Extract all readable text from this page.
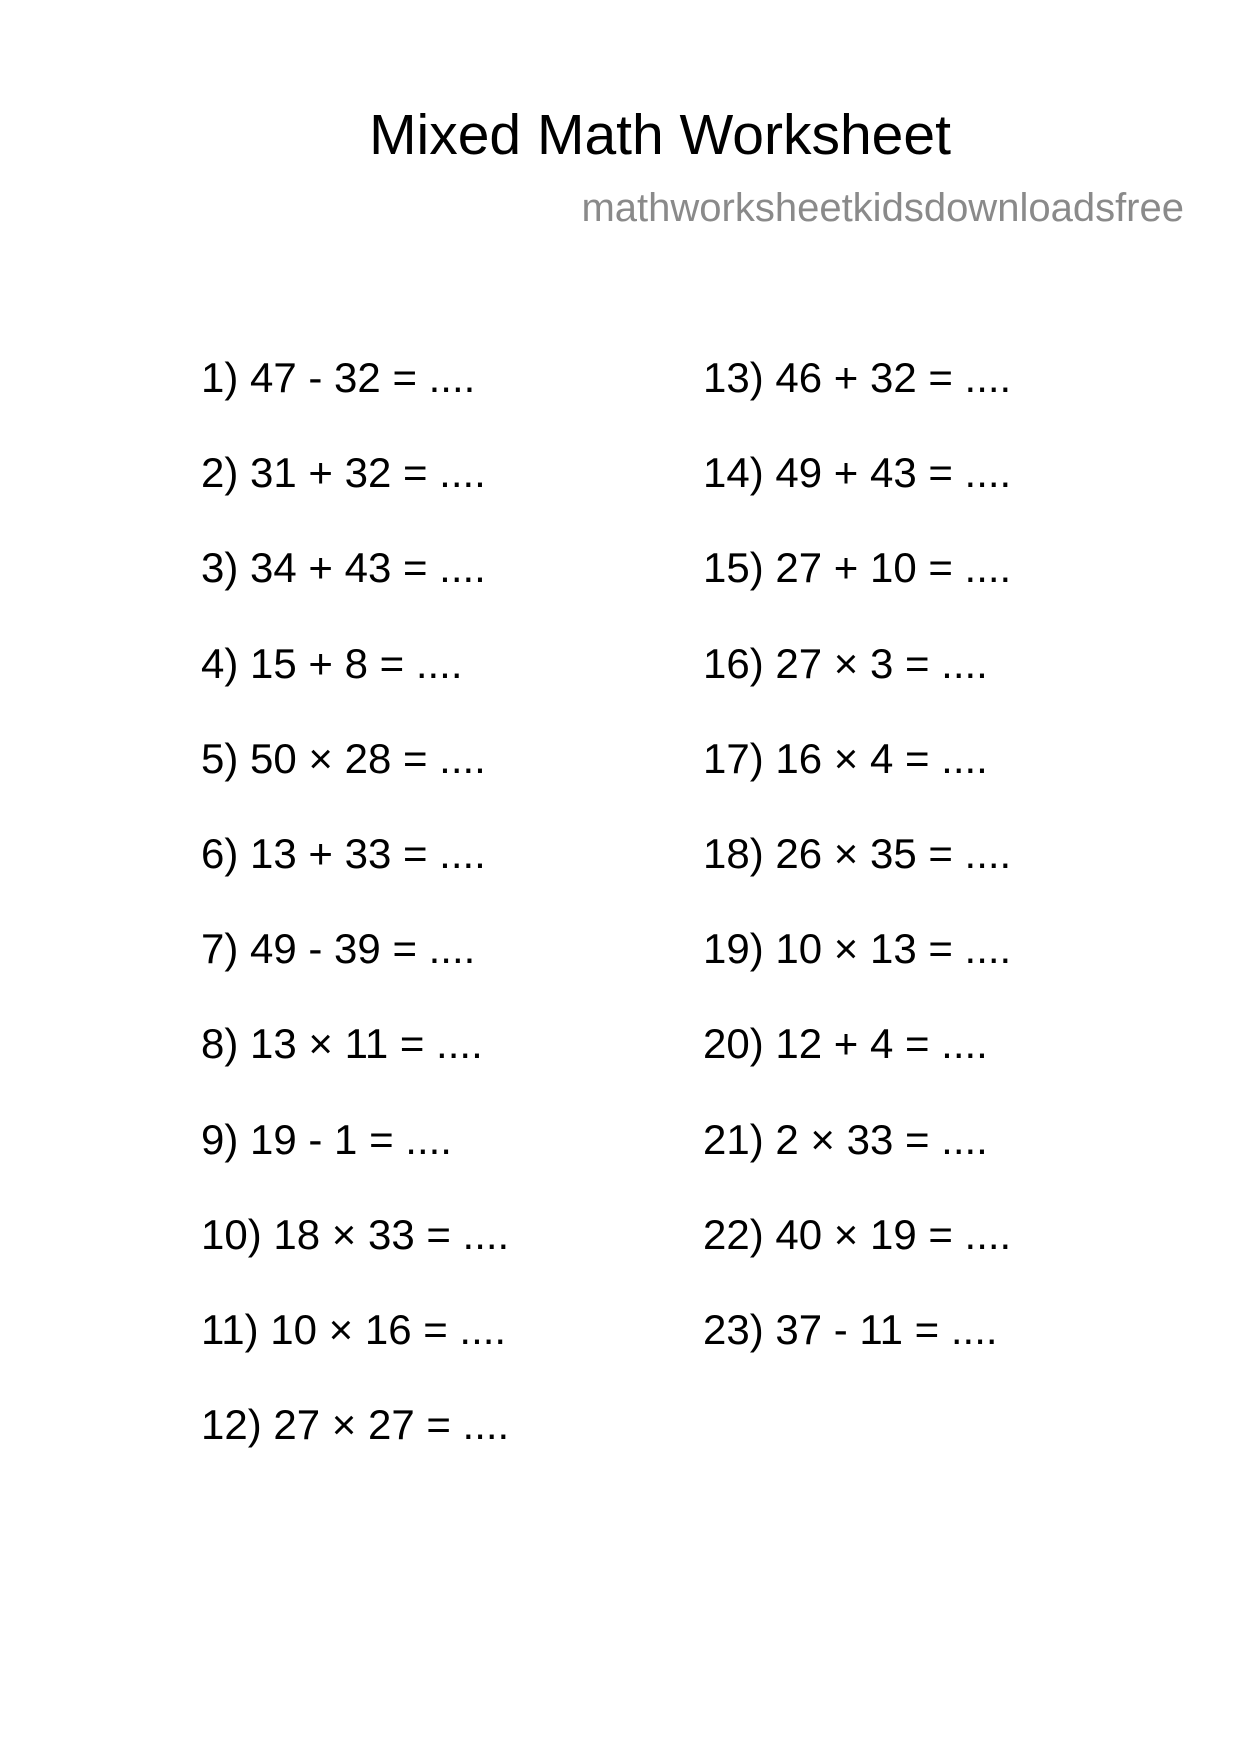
Mixed Math Worksheet
mathworksheetkidsdownloadsfree
1) 47 - 32 = ....
2) 31 + 32 = ....
3) 34 + 43 = ....
4) 15 + 8 = ....
5) 50 × 28 = ....
6) 13 + 33 = ....
7) 49 - 39 = ....
8) 13 × 11 = ....
9) 19 - 1 = ....
10) 18 × 33 = ....
11) 10 × 16 = ....
12) 27 × 27 = ....
13) 46 + 32 = ....
14) 49 + 43 = ....
15) 27 + 10 = ....
16) 27 × 3 = ....
17) 16 × 4 = ....
18) 26 × 35 = ....
19) 10 × 13 = ....
20) 12 + 4 = ....
21) 2 × 33 = ....
22) 40 × 19 = ....
23) 37 - 11 = ....
